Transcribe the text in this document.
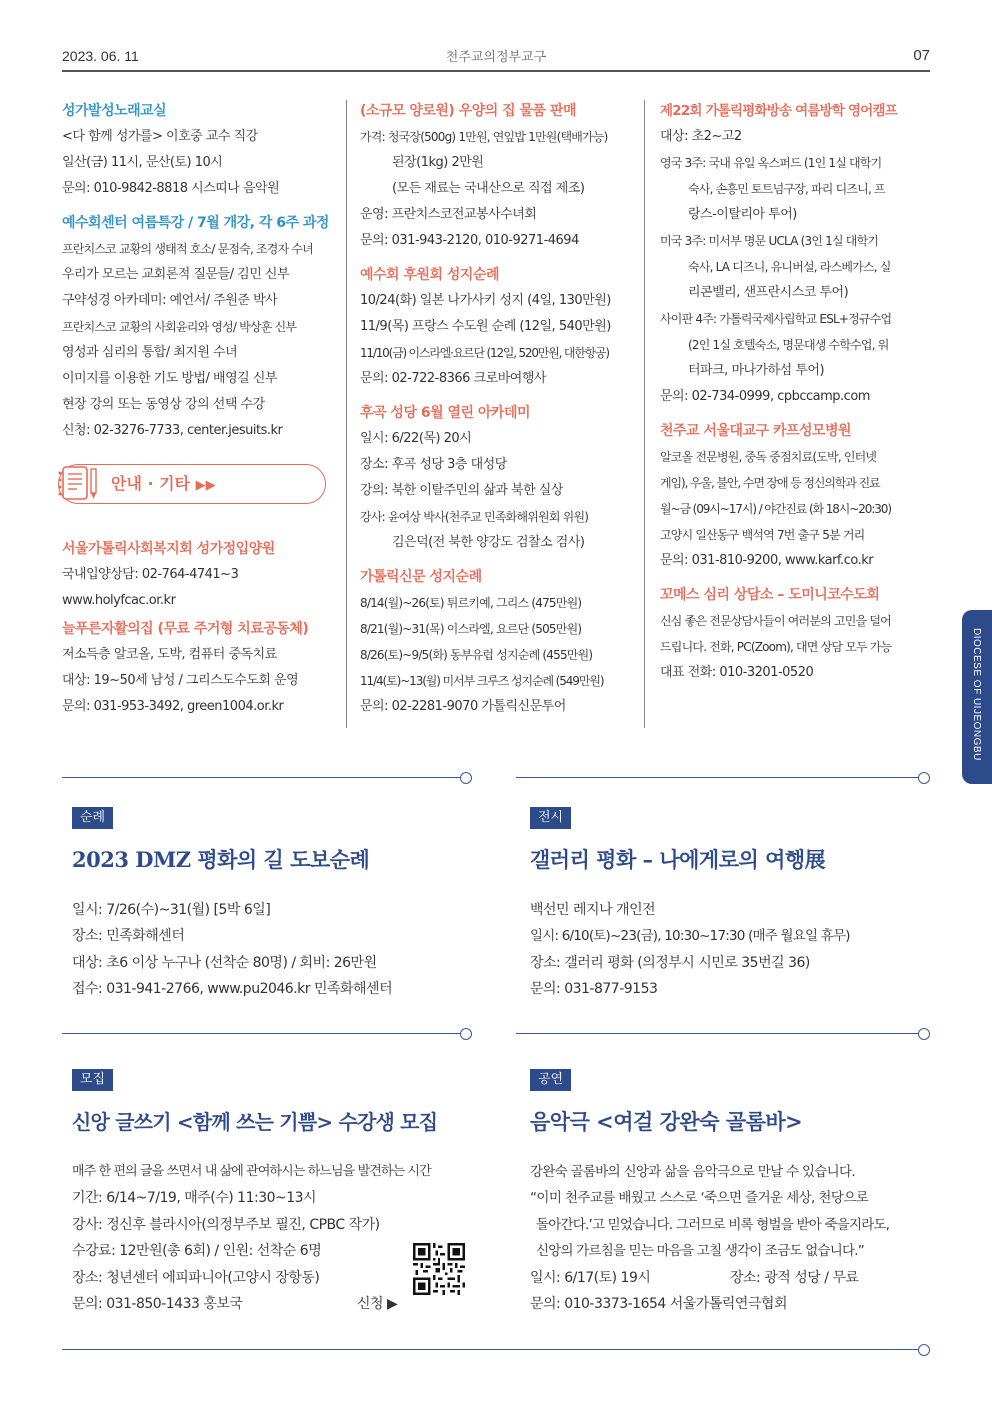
2023. 06. 11	천주교의정부교구	07
성가발성노래교실
<다 함께 성가를> 이호중 교수 직강
일산(금) 11시, 문산(토) 10시
문의: 010-9842-8818 시스띠나 음악원
예수회센터 여름특강 / 7월 개강, 각 6주 과정
프란치스코 교황의 생태적 호소/ 문점숙, 조경자 수녀
우리가 모르는 교회론적 질문들/ 김민 신부
구약성경 아카데미: 예언서/ 주원준 박사
프란치스코 교황의 사회윤리와 영성/ 박상훈 신부
영성과 심리의 통합/ 최지원 수녀
이미지를 이용한 기도 방법/ 배영길 신부
현장 강의 또는 동영상 강의 선택 수강
신청: 02-3276-7733, center.jesuits.kr
안내 · 기타 ▶▶
서울가톨릭사회복지회 성가정입양원
국내입양상담: 02-764-4741~3
www.holyfcac.or.kr
늘푸른자활의집 (무료 주거형 치료공동체)
저소득층 알코올, 도박, 컴퓨터 중독치료
대상: 19~50세 남성 / 그리스도수도회 운영
문의: 031-953-3492, green1004.or.kr
(소규모 양로원) 우양의 집 물품 판매
가격: 청국장(500g) 1만원, 연잎밥 1만원(택배가능)
된장(1kg) 2만원
(모든 재료는 국내산으로 직접 제조)
운영: 프란치스코전교봉사수녀회
문의: 031-943-2120, 010-9271-4694
예수회 후원회 성지순례
10/24(화) 일본 나가사키 성지 (4일, 130만원)
11/9(목) 프랑스 수도원 순례 (12일, 540만원)
11/10(금) 이스라엘·요르단 (12일, 520만원, 대한항공)
문의: 02-722-8366 크로바여행사
후곡 성당 6월 열린 아카데미
일시: 6/22(목) 20시
장소: 후곡 성당 3층 대성당
강의: 북한 이탈주민의 삶과 북한 실상
강사: 윤여상 박사(천주교 민족화해위원회 위원)
김은덕(전 북한 양강도 검찰소 검사)
가톨릭신문 성지순례
8/14(월)~26(토) 튀르키예, 그리스 (475만원)
8/21(월)~31(목) 이스라엘, 요르단 (505만원)
8/26(토)~9/5(화) 동부유럽 성지순례 (455만원)
11/4(토)~13(월) 미서부 크루즈 성지순례 (549만원)
문의: 02-2281-9070 가톨릭신문투어
제22회 가톨릭평화방송 여름방학 영어캠프
대상: 초2~고2
영국 3주: 국내 유일 옥스퍼드 (1인 1실 대학기
숙사, 손흥민 토트넘구장, 파리 디즈니, 프
랑스-이탈리아 투어)
미국 3주: 미서부 명문 UCLA (3인 1실 대학기
숙사, LA 디즈니, 유니버설, 라스베가스, 실
리콘밸리, 샌프란시스코 투어)
사이판 4주: 가톨릭국제사립학교 ESL+정규수업
(2인 1실 호텔숙소, 명문대생 수학수업, 워
터파크, 마나가하섬 투어)
문의: 02-734-0999, cpbccamp.com
천주교 서울대교구 카프성모병원
알코올 전문병원, 중독 중점치료(도박, 인터넷
게임), 우울, 불안, 수면 장애 등 정신의학과 진료
월~금 (09시~17시) / 야간진료 (화 18시~20:30)
고양시 일산동구 백석역 7번 출구 5분 거리
문의: 031-810-9200, www.karf.co.kr
꼬메스 심리 상담소 – 도미니코수도회
신심 좋은 전문상담사들이 여러분의 고민을 덜어
드립니다. 전화, PC(Zoom), 대면 상담 모두 가능
대표 전화: 010-3201-0520	DIOCESE OF UIJEONGBU
순례
2023 DMZ 평화의 길 도보순례
일시: 7/26(수)~31(월) [5박 6일]
장소: 민족화해센터
대상: 초6 이상 누구나 (선착순 80명) / 회비: 26만원
접수: 031-941-2766, www.pu2046.kr 민족화해센터
전시
갤러리 평화 – 나에게로의 여행展
백선민 레지나 개인전
일시: 6/10(토)~23(금), 10:30~17:30 (매주 월요일 휴무)
장소: 갤러리 평화 (의정부시 시민로 35번길 36)
문의: 031-877-9153
모집
신앙 글쓰기 <함께 쓰는 기쁨> 수강생 모집
매주 한 편의 글을 쓰면서 내 삶에 관여하시는 하느님을 발견하는 시간
기간: 6/14~7/19, 매주(수) 11:30~13시
강사: 정신후 블라시아(의정부주보 필진, CPBC 작가)
수강료: 12만원(총 6회) / 인원: 선착순 6명
장소: 청년센터 에피파니아(고양시 장항동)
문의: 031-850-1433 홍보국	신청 ▶
공연
음악극 <여걸 강완숙 골롬바>
강완숙 골롬바의 신앙과 삶을 음악극으로 만날 수 있습니다.
“이미 천주교를 배웠고 스스로 ‘죽으면 즐거운 세상, 천당으로
돌아간다.’고 믿었습니다. 그러므로 비록 형벌을 받아 죽을지라도,
신앙의 가르침을 믿는 마음을 고칠 생각이 조금도 없습니다.”
일시: 6/17(토) 19시	장소: 광적 성당 / 무료
문의: 010-3373-1654 서울가톨릭연극협회
